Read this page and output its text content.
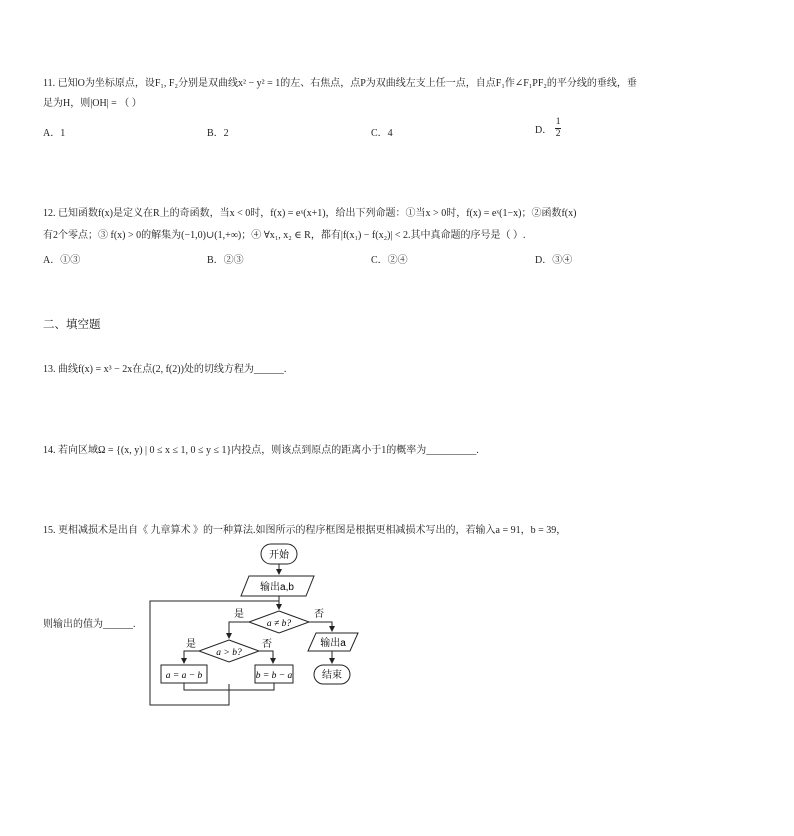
11. 已知O为坐标原点，设F₁, F₂分别是双曲线x² − y² = 1的左、右焦点，点P为双曲线左支上任一点，自点F₁作∠F₁PF₂的平分线的垂线，垂
足为H，则|OH| = （ ）
A．1	B．2	C．4	D． $\frac{1}{2}$
12. 已知函数f(x)是定义在R上的奇函数，当x < 0时，f(x) = eˣ(x+1)，给出下列命题：①当x > 0时，f(x) = eˣ(1−x)；②函数f(x)
有2个零点；③ f(x) > 0的解集为(−1,0)∪(1,+∞)；④ ∀x₁, x₂ ∈ R，都有|f(x₁) − f(x₂)| < 2.其中真命题的序号是（ ）.
A．①③	B．②③	C．②④	D．③④
二、填空题
13. 曲线f(x) = x³ − 2x在点(2, f(2))处的切线方程为______.
14. 若向区域Ω = {(x, y) | 0 ≤ x ≤ 1, 0 ≤ y ≤ 1}内投点，则该点到原点的距离小于1的概率为__________.
15. 更相减损术是出自《 九章算术 》的一种算法.如图所示的程序框图是根据更相减损术写出的，若输入a = 91，b = 39，
则输出的值为______.
开始
输出a,b
a ≠ b?
是	否
输出a
结束
a > b?
是	否
a = a − b	b = b − a
